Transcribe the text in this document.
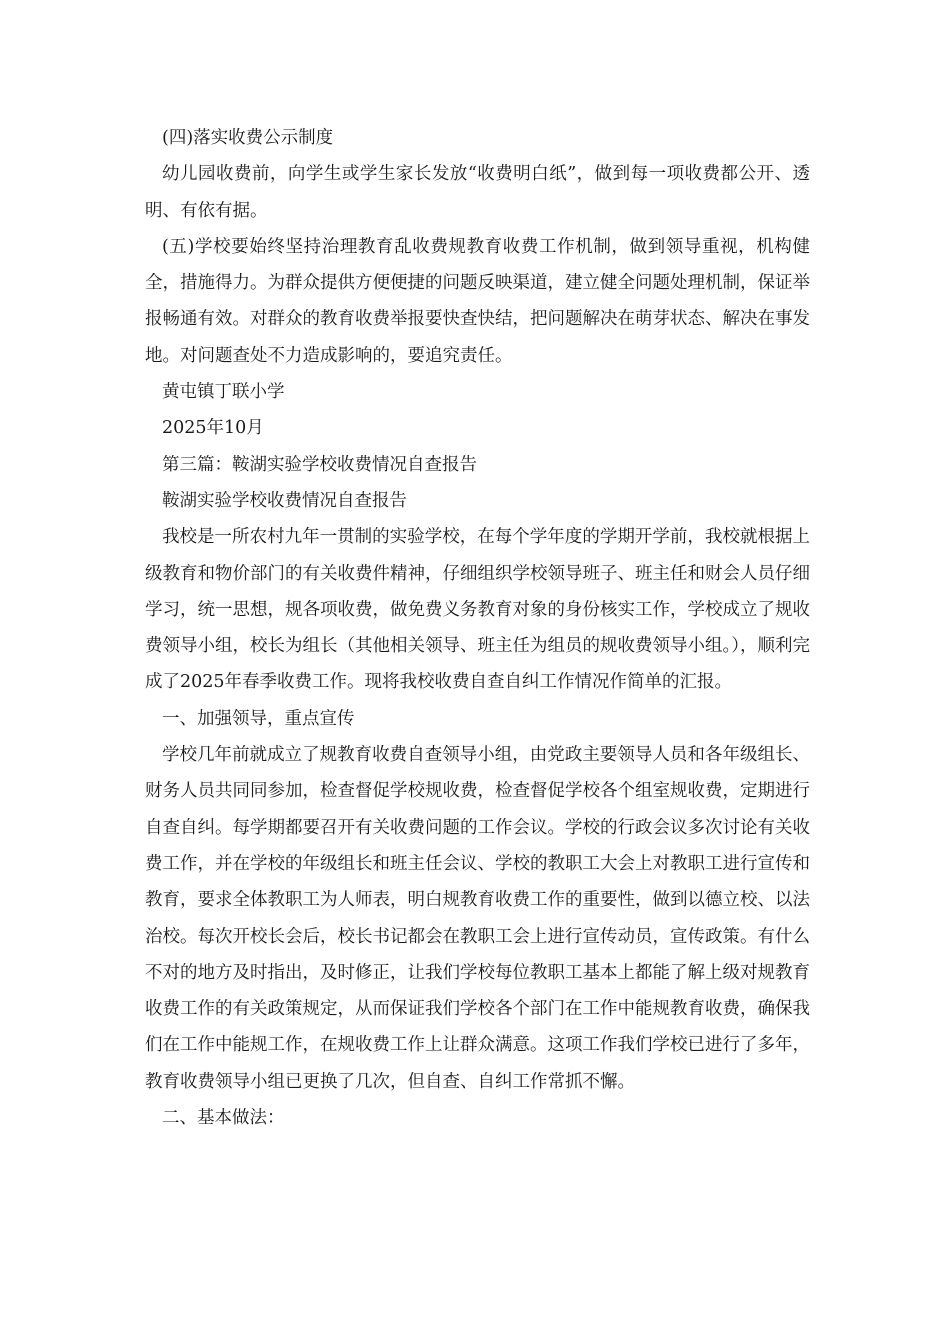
(四)落实收费公示制度

幼儿园收费前，向学生或学生家长发放“收费明白纸”，做到每一项收费都公开、透明、有依有据。

(五)学校要始终坚持治理教育乱收费规教育收费工作机制，做到领导重视，机构健全，措施得力。为群众提供方便便捷的问题反映渠道，建立健全问题处理机制，保证举报畅通有效。对群众的教育收费举报要快查快结，把问题解决在萌芽状态、解决在事发地。对问题查处不力造成影响的，要追究责任。

黄屯镇丁联小学

2025年10月

第三篇：鞍湖实验学校收费情况自查报告

鞍湖实验学校收费情况自查报告

我校是一所农村九年一贯制的实验学校，在每个学年度的学期开学前，我校就根据上级教育和物价部门的有关收费件精神，仔细组织学校领导班子、班主任和财会人员仔细学习，统一思想，规各项收费，做免费义务教育对象的身份核实工作，学校成立了规收费领导小组，校长为组长（其他相关领导、班主任为组员的规收费领导小组。），顺利完成了2025年春季收费工作。现将我校收费自查自纠工作情况作简单的汇报。

一、加强领导，重点宣传

学校几年前就成立了规教育收费自查领导小组，由党政主要领导人员和各年级组长、财务人员共同同参加，检查督促学校规收费，检查督促学校各个组室规收费，定期进行自查自纠。每学期都要召开有关收费问题的工作会议。学校的行政会议多次讨论有关收费工作，并在学校的年级组长和班主任会议、学校的教职工大会上对教职工进行宣传和教育，要求全体教职工为人师表，明白规教育收费工作的重要性，做到以德立校、以法治校。每次开校长会后，校长书记都会在教职工会上进行宣传动员，宣传政策。有什么不对的地方及时指出，及时修正，让我们学校每位教职工基本上都能了解上级对规教育收费工作的有关政策规定，从而保证我们学校各个部门在工作中能规教育收费，确保我们在工作中能规工作，在规收费工作上让群众满意。这项工作我们学校已进行了多年，教育收费领导小组已更换了几次，但自查、自纠工作常抓不懈。

二、基本做法：
